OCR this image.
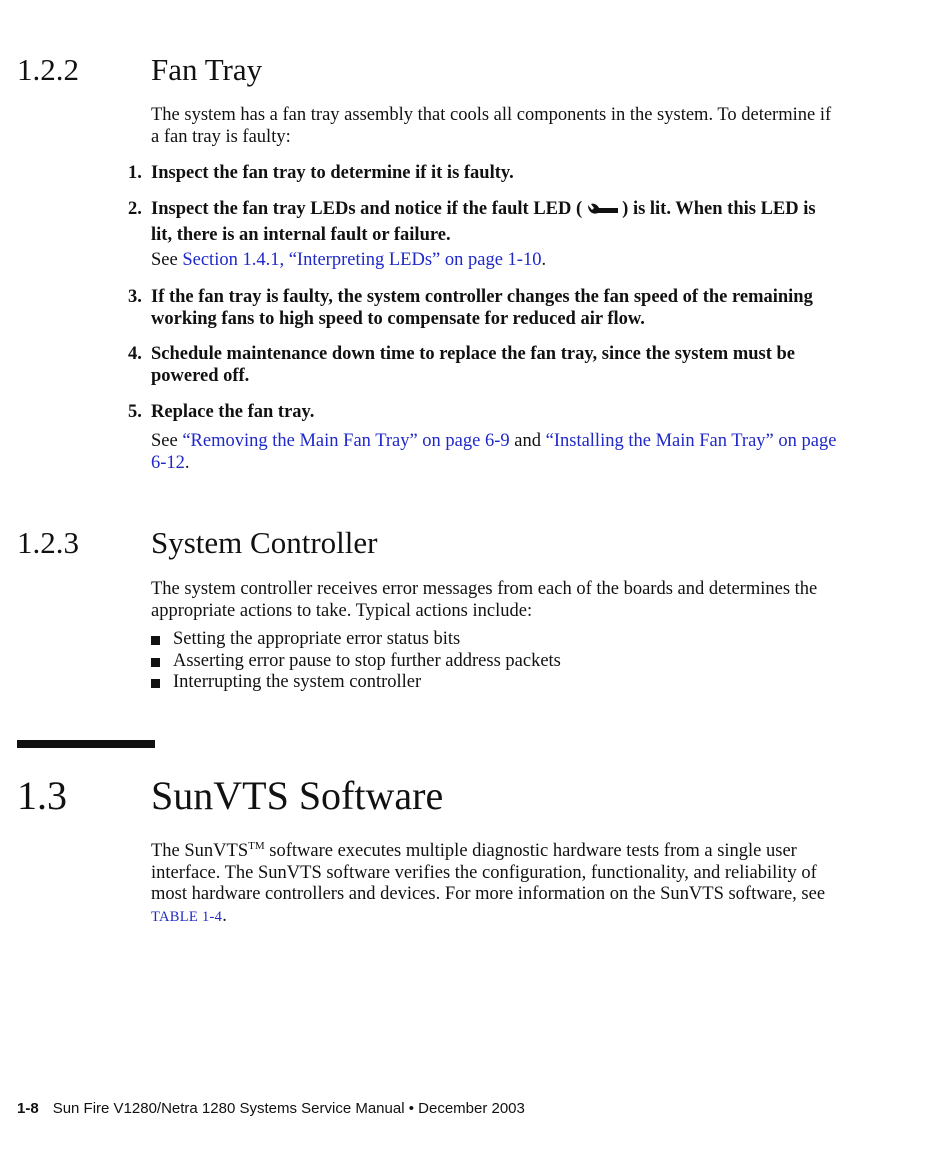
1.2.2 Fan Tray
The system has a fan tray assembly that cools all components in the system. To determine if a fan tray is faulty:
1. Inspect the fan tray to determine if it is faulty.
2. Inspect the fan tray LEDs and notice if the fault LED ( ) is lit. When this LED is lit, there is an internal fault or failure.
See Section 1.4.1, “Interpreting LEDs” on page 1-10.
3. If the fan tray is faulty, the system controller changes the fan speed of the remaining working fans to high speed to compensate for reduced air flow.
4. Schedule maintenance down time to replace the fan tray, since the system must be powered off.
5. Replace the fan tray.
See “Removing the Main Fan Tray” on page 6-9 and “Installing the Main Fan Tray” on page 6-12.
1.2.3 System Controller
The system controller receives error messages from each of the boards and determines the appropriate actions to take. Typical actions include:
Setting the appropriate error status bits
Asserting error pause to stop further address packets
Interrupting the system controller
1.3 SunVTS Software
The SunVTS™ software executes multiple diagnostic hardware tests from a single user interface. The SunVTS software verifies the configuration, functionality, and reliability of most hardware controllers and devices. For more information on the SunVTS software, see TABLE 1-4.
1-8 Sun Fire V1280/Netra 1280 Systems Service Manual • December 2003
